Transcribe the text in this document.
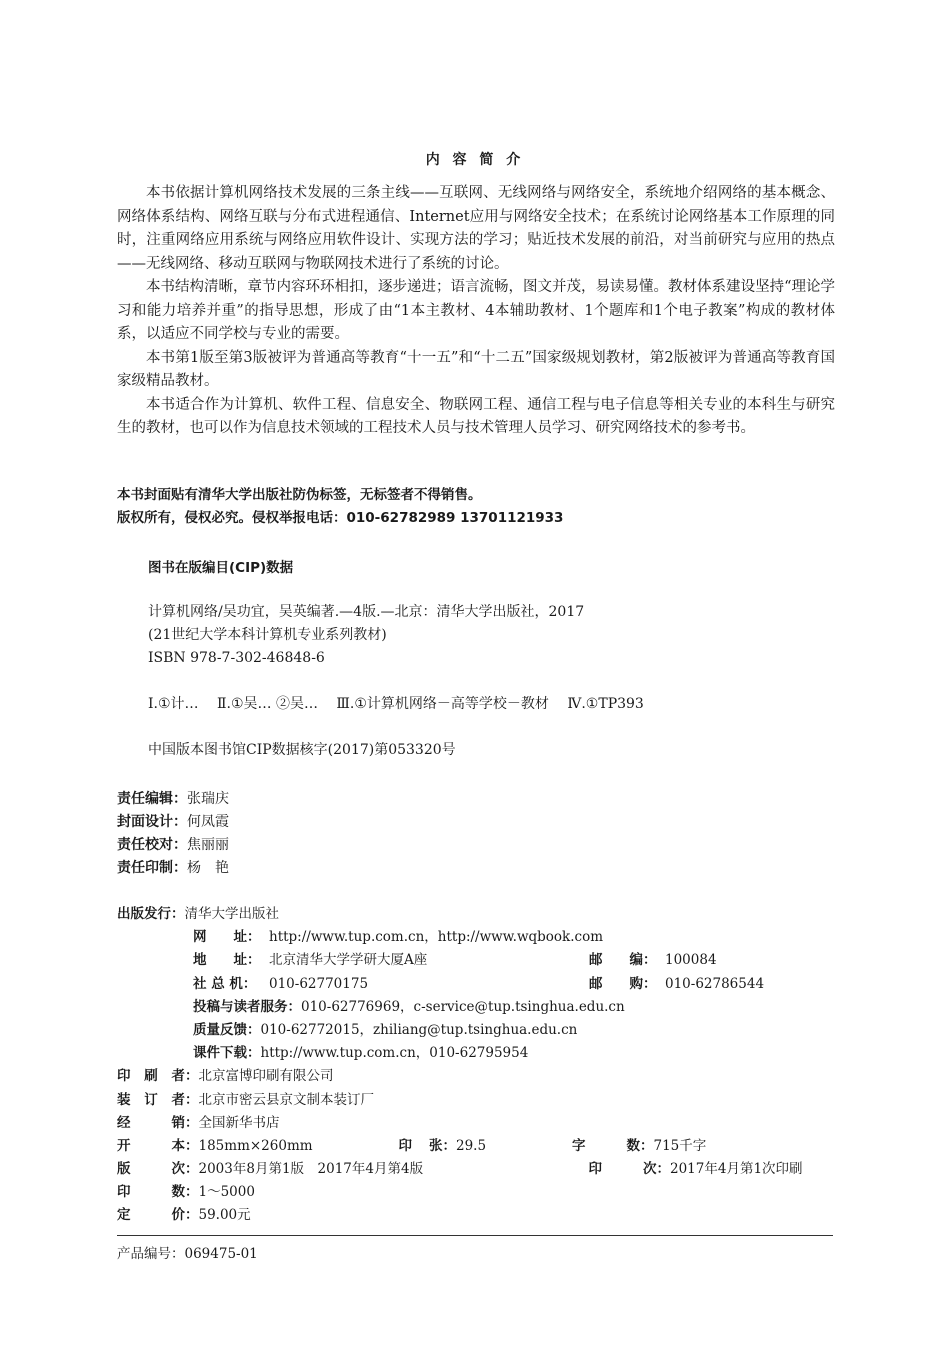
内 容 简 介

本书依据计算机网络技术发展的三条主线——互联网、无线网络与网络安全，系统地介绍网络的基本概念、网络体系结构、网络互联与分布式进程通信、Internet应用与网络安全技术；在系统讨论网络基本工作原理的同时，注重网络应用系统与网络应用软件设计、实现方法的学习；贴近技术发展的前沿，对当前研究与应用的热点——无线网络、移动互联网与物联网技术进行了系统的讨论。

本书结构清晰，章节内容环环相扣，逐步递进；语言流畅，图文并茂，易读易懂。教材体系建设坚持“理论学习和能力培养并重”的指导思想，形成了由“1本主教材、4本辅助教材、1个题库和1个电子教案”构成的教材体系，以适应不同学校与专业的需要。

本书第1版至第3版被评为普通高等教育“十一五”和“十二五”国家级规划教材，第2版被评为普通高等教育国家级精品教材。

本书适合作为计算机、软件工程、信息安全、物联网工程、通信工程与电子信息等相关专业的本科生与研究生的教材，也可以作为信息技术领域的工程技术人员与技术管理人员学习、研究网络技术的参考书。

本书封面贴有清华大学出版社防伪标签，无标签者不得销售。
版权所有，侵权必究。侵权举报电话：010-62782989 13701121933
图书在版编目(CIP)数据
计算机网络/吴功宜，吴英编著.—4版.—北京：清华大学出版社，2017
(21世纪大学本科计算机专业系列教材)
ISBN 978-7-302-46848-6
Ⅰ.①计… Ⅱ.①吴… ②吴… Ⅲ.①计算机网络－高等学校－教材 Ⅳ.①TP393
中国版本图书馆CIP数据核字(2017)第053320号
责任编辑： 张瑞庆
封面设计： 何凤霞
责任校对： 焦丽丽
责任印制： 杨　艳
出版发行： 清华大学出版社
网　　址： http://www.tup.com.cn，http://www.wqbook.com
地　　址： 北京清华大学学研大厦A座	邮　　编： 100084
社 总 机： 010-62770175	邮　　购： 010-62786544
投稿与读者服务： 010-62776969，c-service@tup.tsinghua.edu.cn
质量反馈： 010-62772015，zhiliang@tup.tsinghua.edu.cn
课件下载： http://www.tup.com.cn，010-62795954
印 刷 者 ： 北京富博印刷有限公司
装 订 者 ： 北京市密云县京文制本装订厂
经　　销 ： 全国新华书店
开　　本 ： 185mm×260mm	印　张 ： 29.5	字　　数 ： 715千字
版　　次 ： 2003年8月第1版　2017年4月第4版	印　　次 ： 2017年4月第1次印刷
印　　数 ： 1～5000
定　　价 ： 59.00元
产品编号：069475-01
